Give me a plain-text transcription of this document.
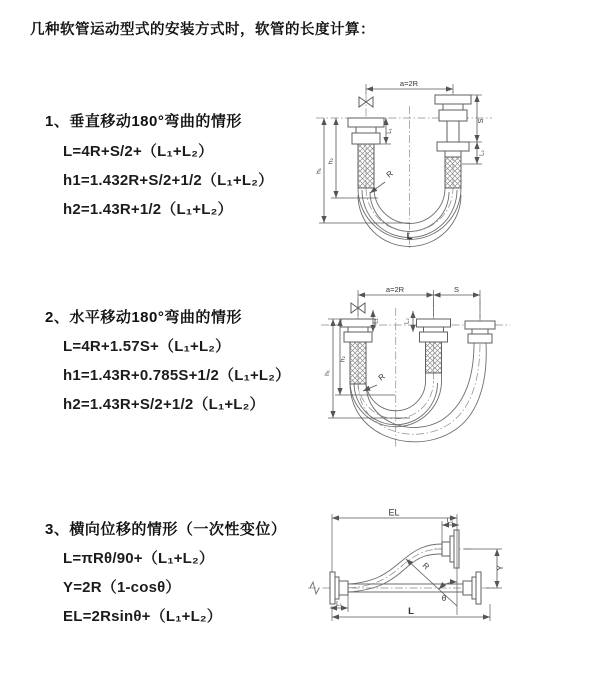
几种软管运动型式的安装方式时，软管的长度计算：
1、垂直移动180°弯曲的情形
L=4R+S/2+（L₁+L₂）
h1=1.432R+S/2+1/2（L₁+L₂）
h2=1.43R+1/2（L₁+L₂）
2、水平移动180°弯曲的情形
L=4R+1.57S+（L₁+L₂）
h1=1.43R+0.785S+1/2（L₁+L₂）
h2=1.43R+S/2+1/2（L₁+L₂）
3、横向位移的情形（一次性变位）
L=πRθ/90+（L₁+L₂）
Y=2R（1-cosθ）
EL=2Rsinθ+（L₁+L₂）
a=2R
S
L₂
L₁
h₁
h₂
R
L
a=2R	S
L₁	L₂
h₁
h₂
R
EL
L₂
Y
L
L₁
R
θ
